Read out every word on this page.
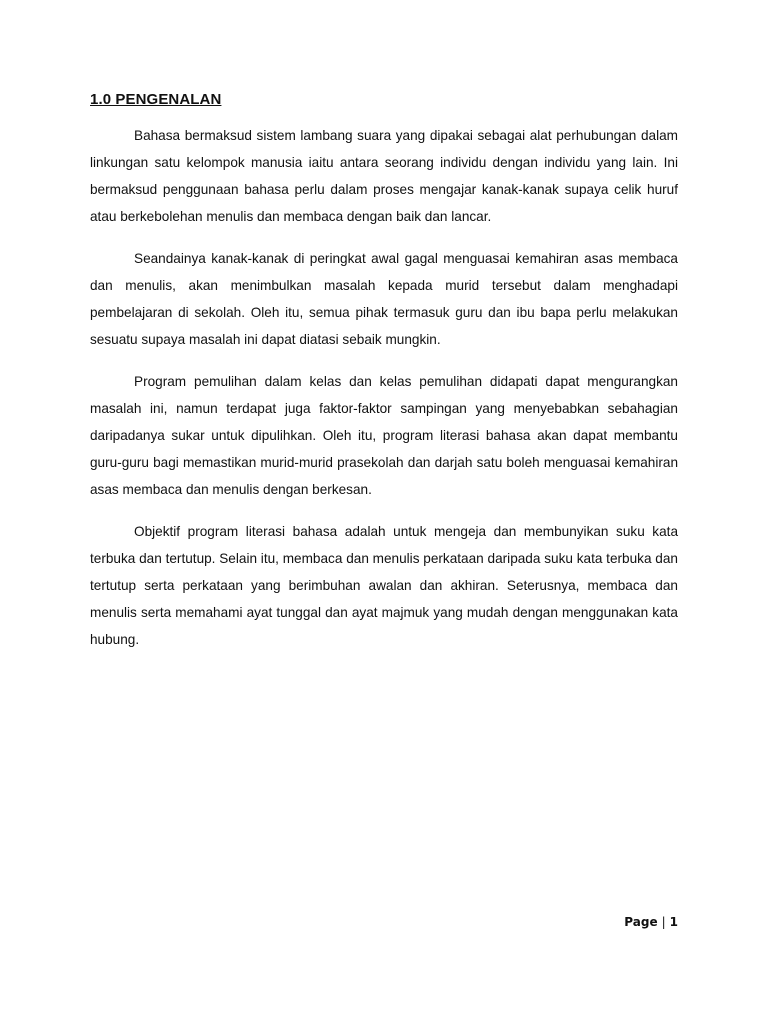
1.0 PENGENALAN

Bahasa bermaksud sistem lambang suara yang dipakai sebagai alat perhubungan dalam linkungan satu kelompok manusia iaitu antara seorang individu dengan individu yang lain. Ini bermaksud penggunaan bahasa perlu dalam proses mengajar kanak-kanak supaya celik huruf atau berkebolehan menulis dan membaca dengan baik dan lancar.

Seandainya kanak-kanak di peringkat awal gagal menguasai kemahiran asas membaca dan menulis, akan menimbulkan masalah kepada murid tersebut dalam menghadapi pembelajaran di sekolah. Oleh itu, semua pihak termasuk guru dan ibu bapa perlu melakukan sesuatu supaya masalah ini dapat diatasi sebaik mungkin.

Program pemulihan dalam kelas dan kelas pemulihan didapati dapat mengurangkan masalah ini, namun terdapat juga faktor-faktor sampingan yang menyebabkan sebahagian daripadanya sukar untuk dipulihkan. Oleh itu, program literasi bahasa akan dapat membantu guru-guru bagi memastikan murid-murid prasekolah dan darjah satu boleh menguasai kemahiran asas membaca dan menulis dengan berkesan.

Objektif program literasi bahasa adalah untuk mengeja dan membunyikan suku kata terbuka dan tertutup. Selain itu, membaca dan menulis perkataan daripada suku kata terbuka dan tertutup serta perkataan yang berimbuhan awalan dan akhiran. Seterusnya, membaca dan menulis serta memahami ayat tunggal dan ayat majmuk yang mudah dengan menggunakan kata hubung.

Page | 1
